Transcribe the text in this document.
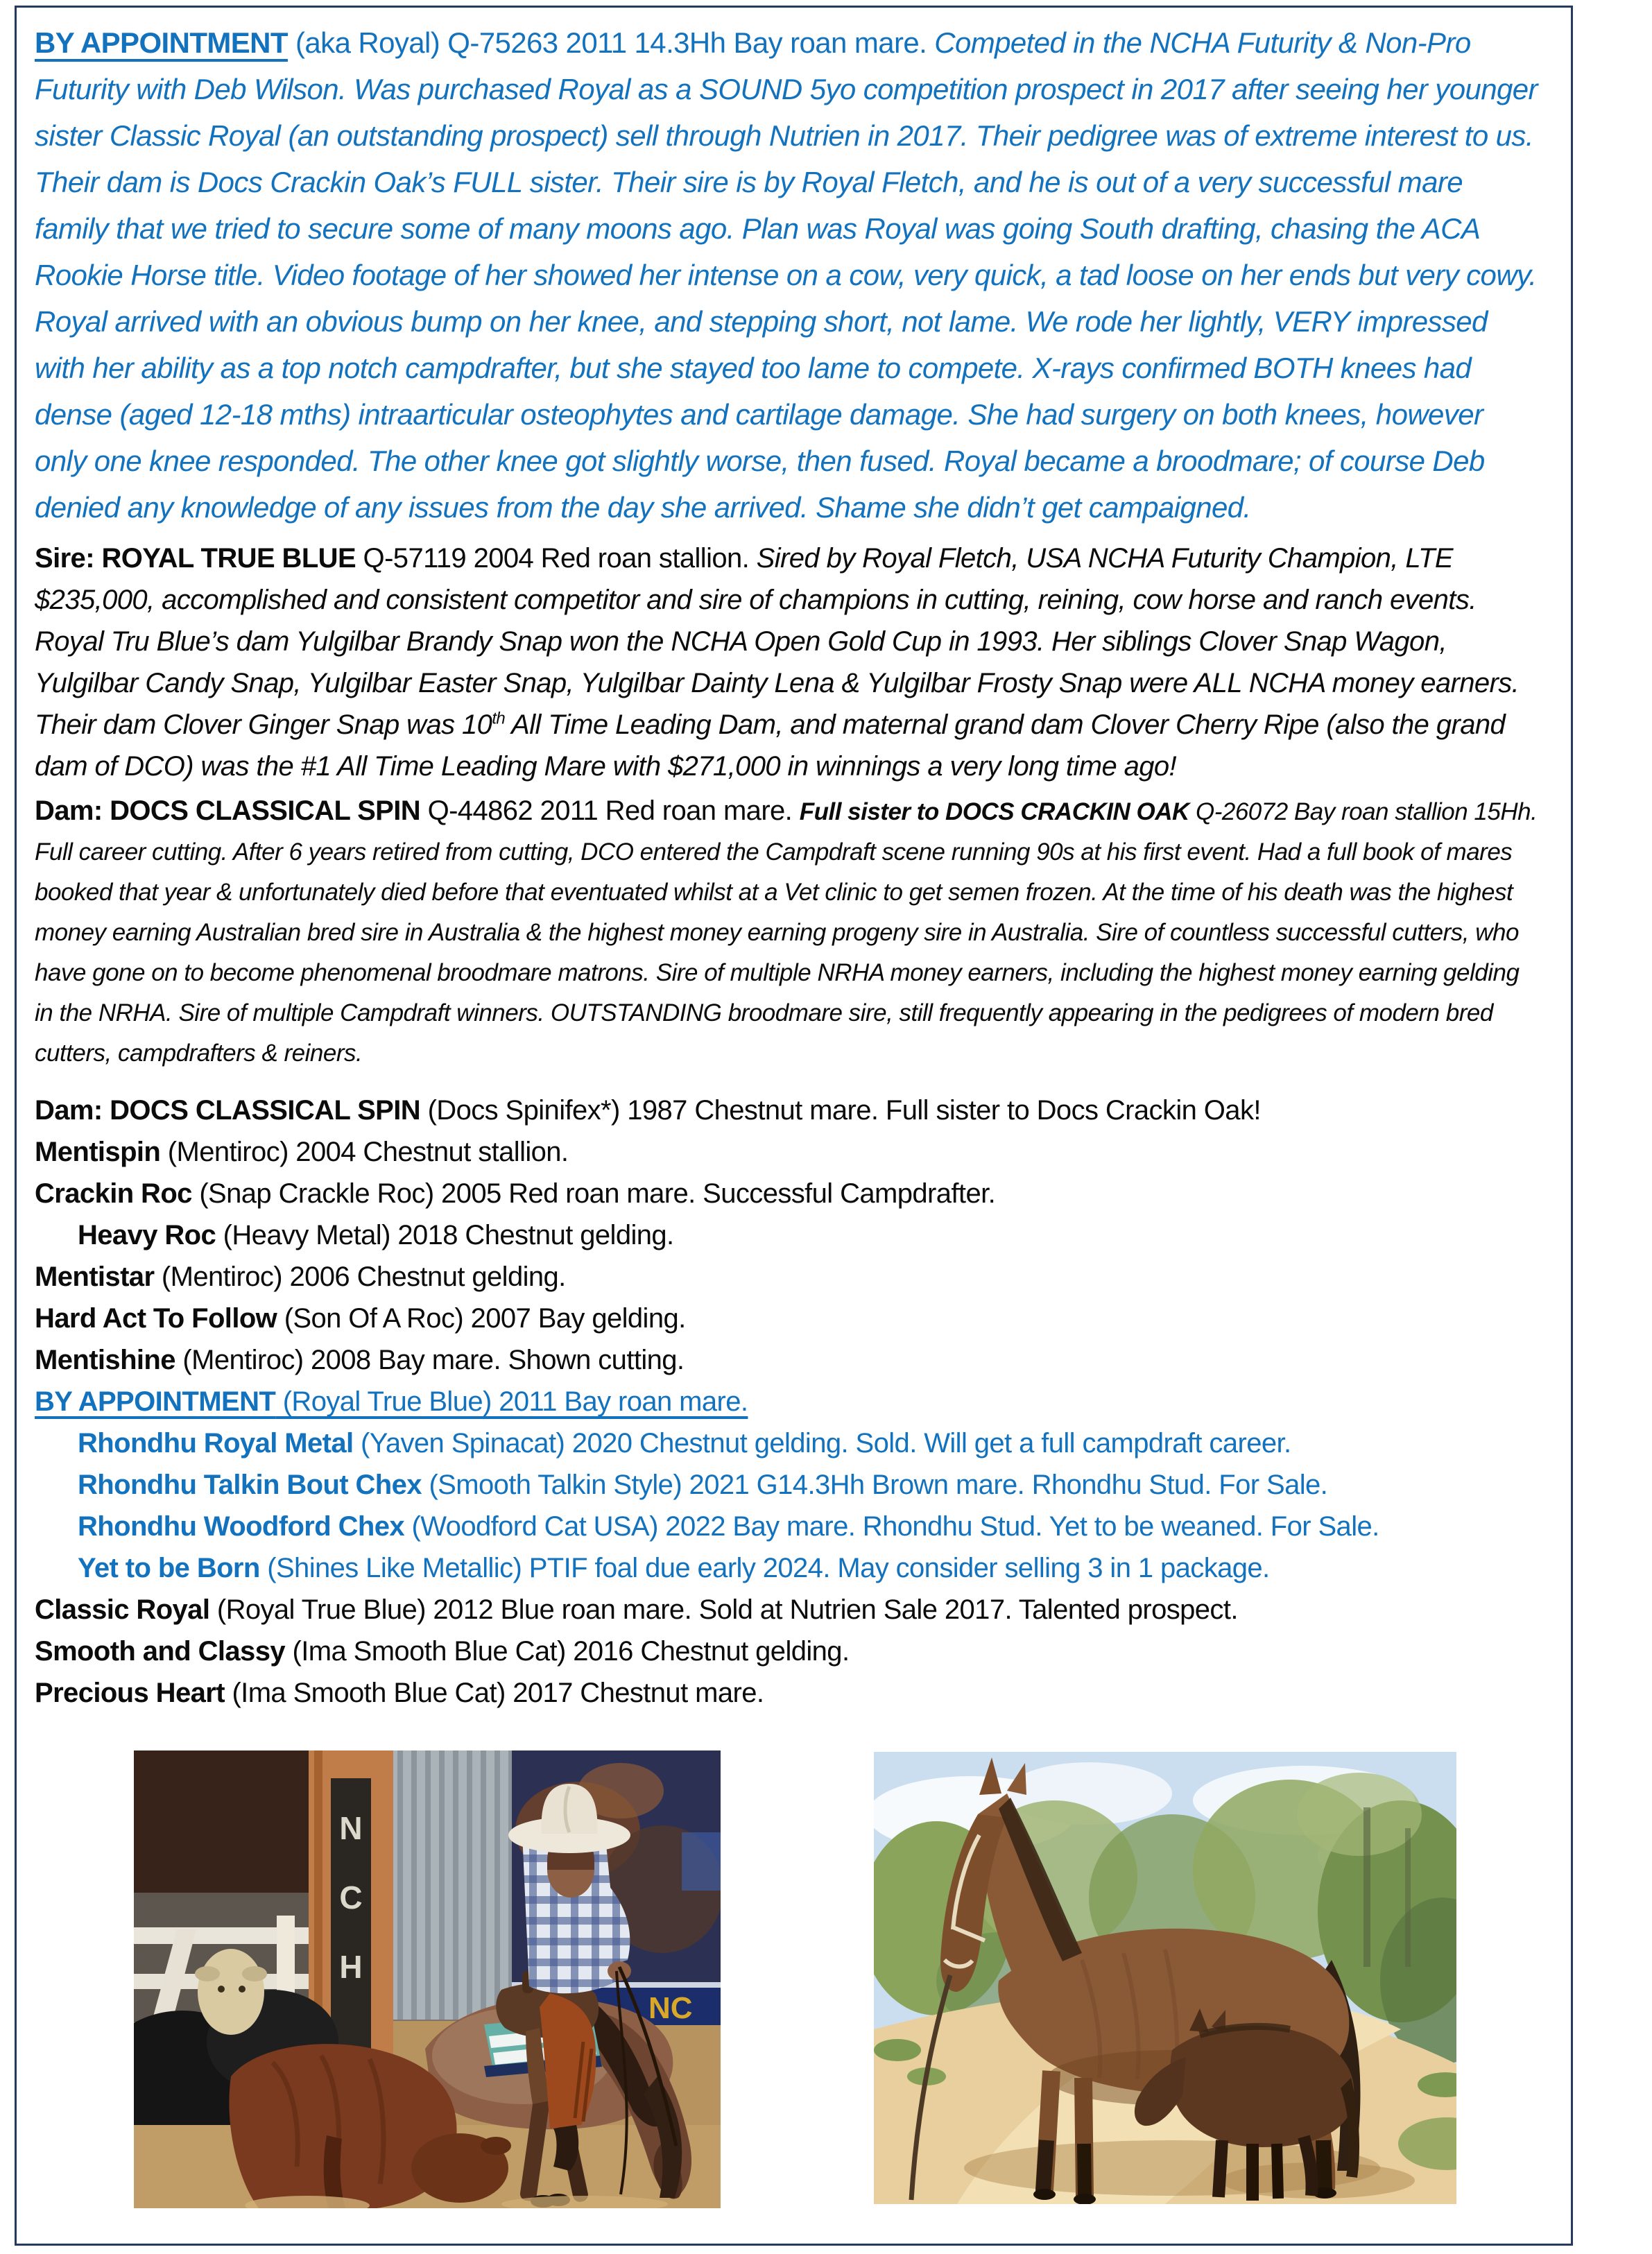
BY APPOINTMENT (aka Royal) Q-75263 2011 14.3Hh Bay roan mare. Competed in the NCHA Futurity & Non-Pro Futurity with Deb Wilson. Was purchased Royal as a SOUND 5yo competition prospect in 2017 after seeing her younger sister Classic Royal (an outstanding prospect) sell through Nutrien in 2017. Their pedigree was of extreme interest to us. Their dam is Docs Crackin Oak’s FULL sister. Their sire is by Royal Fletch, and he is out of a very successful mare family that we tried to secure some of many moons ago. Plan was Royal was going South drafting, chasing the ACA Rookie Horse title. Video footage of her showed her intense on a cow, very quick, a tad loose on her ends but very cowy. Royal arrived with an obvious bump on her knee, and stepping short, not lame. We rode her lightly, VERY impressed with her ability as a top notch campdrafter, but she stayed too lame to compete. X-rays confirmed BOTH knees had dense (aged 12-18 mths) intraarticular osteophytes and cartilage damage. She had surgery on both knees, however only one knee responded. The other knee got slightly worse, then fused. Royal became a broodmare; of course Deb denied any knowledge of any issues from the day she arrived. Shame she didn’t get campaigned.

Sire: ROYAL TRUE BLUE Q-57119 2004 Red roan stallion. Sired by Royal Fletch, USA NCHA Futurity Champion, LTE $235,000, accomplished and consistent competitor and sire of champions in cutting, reining, cow horse and ranch events. Royal Tru Blue’s dam Yulgilbar Brandy Snap won the NCHA Open Gold Cup in 1993. Her siblings Clover Snap Wagon, Yulgilbar Candy Snap, Yulgilbar Easter Snap, Yulgilbar Dainty Lena & Yulgilbar Frosty Snap were ALL NCHA money earners. Their dam Clover Ginger Snap was 10th All Time Leading Dam, and maternal grand dam Clover Cherry Ripe (also the grand dam of DCO) was the #1 All Time Leading Mare with $271,000 in winnings a very long time ago!

Dam: DOCS CLASSICAL SPIN Q-44862 2011 Red roan mare. Full sister to DOCS CRACKIN OAK Q-26072 Bay roan stallion 15Hh. Full career cutting. After 6 years retired from cutting, DCO entered the Campdraft scene running 90s at his first event. Had a full book of mares booked that year & unfortunately died before that eventuated whilst at a Vet clinic to get semen frozen. At the time of his death was the highest money earning Australian bred sire in Australia & the highest money earning progeny sire in Australia. Sire of countless successful cutters, who have gone on to become phenomenal broodmare matrons. Sire of multiple NRHA money earners, including the highest money earning gelding in the NRHA. Sire of multiple Campdraft winners. OUTSTANDING broodmare sire, still frequently appearing in the pedigrees of modern bred cutters, campdrafters & reiners.

Dam: DOCS CLASSICAL SPIN (Docs Spinifex*) 1987 Chestnut mare. Full sister to Docs Crackin Oak!

Mentispin (Mentiroc) 2004 Chestnut stallion.

Crackin Roc (Snap Crackle Roc) 2005 Red roan mare. Successful Campdrafter.

Heavy Roc (Heavy Metal) 2018 Chestnut gelding.

Mentistar (Mentiroc) 2006 Chestnut gelding.

Hard Act To Follow (Son Of A Roc) 2007 Bay gelding.

Mentishine (Mentiroc) 2008 Bay mare. Shown cutting.

BY APPOINTMENT (Royal True Blue) 2011 Bay roan mare.

Rhondhu Royal Metal (Yaven Spinacat) 2020 Chestnut gelding. Sold. Will get a full campdraft career.

Rhondhu Talkin Bout Chex (Smooth Talkin Style) 2021 G14.3Hh Brown mare. Rhondhu Stud. For Sale.

Rhondhu Woodford Chex (Woodford Cat USA) 2022 Bay mare. Rhondhu Stud. Yet to be weaned. For Sale.

Yet to be Born (Shines Like Metallic) PTIF foal due early 2024. May consider selling 3 in 1 package.

Classic Royal (Royal True Blue) 2012 Blue roan mare. Sold at Nutrien Sale 2017. Talented prospect.

Smooth and Classy (Ima Smooth Blue Cat) 2016 Chestnut gelding.

Precious Heart (Ima Smooth Blue Cat) 2017 Chestnut mare.

NC
N
C
H
